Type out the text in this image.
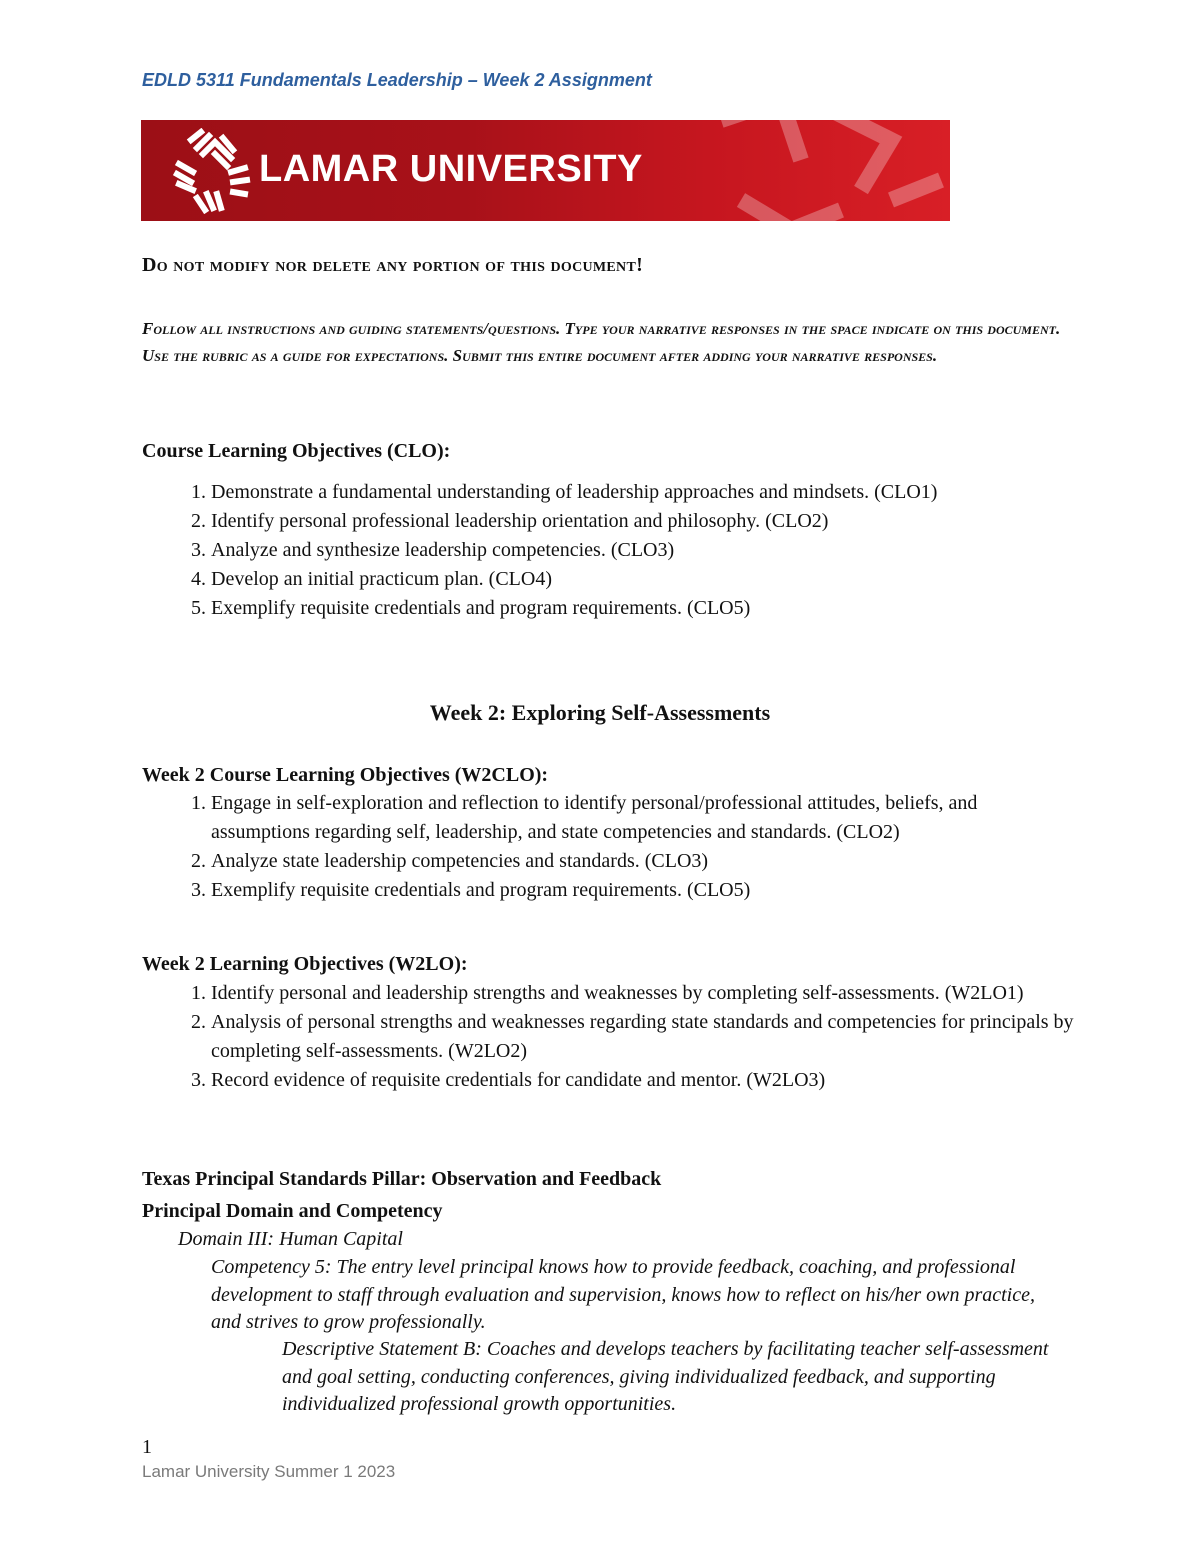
EDLD 5311 Fundamentals Leadership – Week 2 Assignment
LAMAR UNIVERSITY
Do not modify nor delete any portion of this document!
Follow all instructions and guiding statements/questions. Type your narrative responses in the space indicate on this document. Use the rubric as a guide for expectations. Submit this entire document after adding your narrative responses.
Course Learning Objectives (CLO):
1. Demonstrate a fundamental understanding of leadership approaches and mindsets. (CLO1)
2. Identify personal professional leadership orientation and philosophy. (CLO2)
3. Analyze and synthesize leadership competencies. (CLO3)
4. Develop an initial practicum plan. (CLO4)
5. Exemplify requisite credentials and program requirements. (CLO5)
Week 2: Exploring Self-Assessments
Week 2 Course Learning Objectives (W2CLO):
1. Engage in self-exploration and reflection to identify personal/professional attitudes, beliefs, and assumptions regarding self, leadership, and state competencies and standards. (CLO2)
2. Analyze state leadership competencies and standards. (CLO3)
3. Exemplify requisite credentials and program requirements. (CLO5)
Week 2 Learning Objectives (W2LO):
1. Identify personal and leadership strengths and weaknesses by completing self-assessments. (W2LO1)
2. Analysis of personal strengths and weaknesses regarding state standards and competencies for principals by completing self-assessments. (W2LO2)
3. Record evidence of requisite credentials for candidate and mentor. (W2LO3)
Texas Principal Standards Pillar: Observation and Feedback
Principal Domain and Competency
Domain III: Human Capital
Competency 5: The entry level principal knows how to provide feedback, coaching, and professional development to staff through evaluation and supervision, knows how to reflect on his/her own practice, and strives to grow professionally.
Descriptive Statement B: Coaches and develops teachers by facilitating teacher self-assessment and goal setting, conducting conferences, giving individualized feedback, and supporting individualized professional growth opportunities.
1
Lamar University Summer 1 2023
